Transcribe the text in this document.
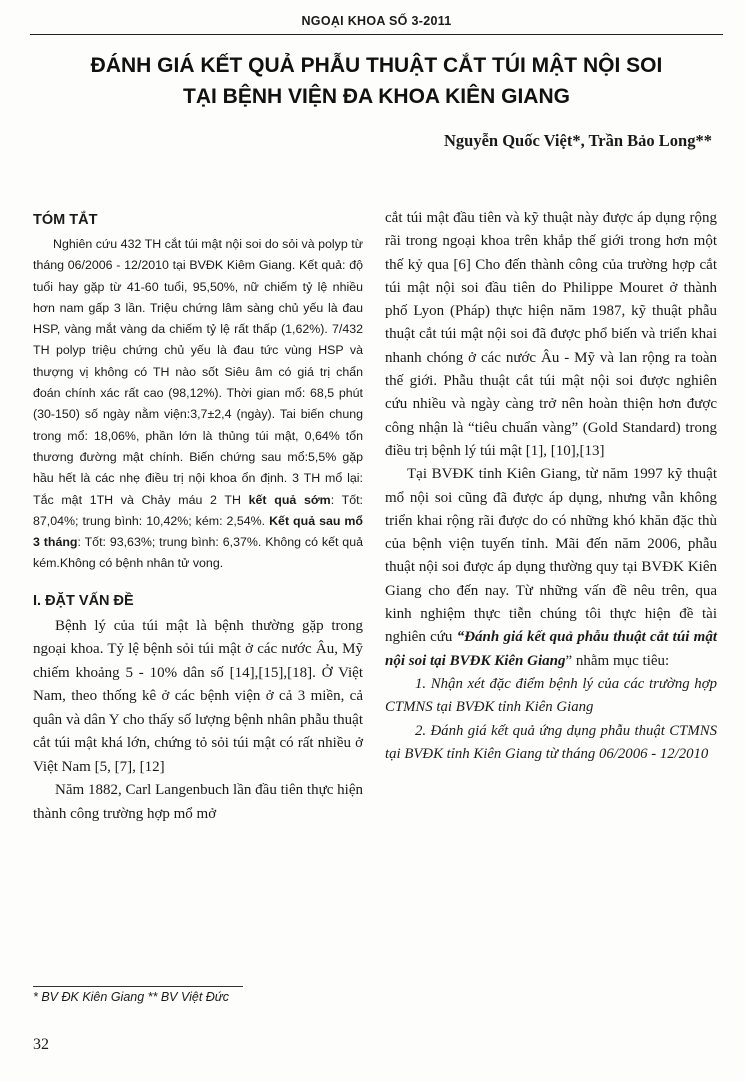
NGOẠI KHOA SỐ 3-2011
ĐÁNH GIÁ KẾT QUẢ PHẪU THUẬT CẮT TÚI MẬT NỘI SOI
TẠI BỆNH VIỆN ĐA KHOA KIÊN GIANG
Nguyễn Quốc Việt*, Trần Bảo Long**
TÓM TẮT

Nghiên cứu 432 TH cắt túi mật nội soi do sỏi và polyp từ tháng 06/2006 - 12/2010 tại BVĐK Kiêm Giang. Kết quả: độ tuổi hay gặp từ 41-60 tuổi, 95,50%, nữ chiếm tỷ lệ nhiều hơn nam gấp 3 lần. Triệu chứng lâm sàng chủ yếu là đau HSP, vàng mắt vàng da chiếm tỷ lệ rất thấp (1,62%). 7/432 TH polyp triệu chứng chủ yếu là đau tức vùng HSP và thượng vị không có TH nào sốt Siêu âm có giá trị chẩn đoán chính xác rất cao (98,12%). Thời gian mổ: 68,5 phút (30-150) số ngày nằm viện:3,7±2,4 (ngày). Tai biến chung trong mổ: 18,06%, phần lớn là thủng túi mật, 0,64% tổn thương đường mật chính. Biến chứng sau mổ:5,5% gặp hầu hết là các nhẹ điều trị nội khoa ổn định. 3 TH mổ lại: Tắc mật 1TH và Chảy máu 2 TH kết quả sớm: Tốt: 87,04%; trung bình: 10,42%; kém: 2,54%. Kết quả sau mổ 3 tháng: Tốt: 93,63%; trung bình: 6,37%. Không có kết quả kém.Không có bệnh nhân tử vong.

I. ĐẶT VẤN ĐỀ

Bệnh lý của túi mật là bệnh thường gặp trong ngoại khoa. Tỷ lệ bệnh sỏi túi mật ở các nước Âu, Mỹ chiếm khoảng 5 - 10% dân số [14],[15],[18]. Ở Việt Nam, theo thống kê ở các bệnh viện ở cả 3 miền, cả quân và dân Y cho thấy số lượng bệnh nhân phẫu thuật cắt túi mật khá lớn, chứng tỏ sỏi túi mật có rất nhiều ở Việt Nam [5, [7], [12]

Năm 1882, Carl Langenbuch lần đầu tiên thực hiện thành công trường hợp mổ mở

cắt túi mật đầu tiên và kỹ thuật này được áp dụng rộng rãi trong ngoại khoa trên khắp thế giới trong hơn một thế kỷ qua [6] Cho đến thành công của trường hợp cắt túi mật nội soi đầu tiên do Philippe Mouret ở thành phố Lyon (Pháp) thực hiện năm 1987, kỹ thuật phẫu thuật cắt túi mật nội soi đã được phổ biến và triển khai nhanh chóng ở các nước Âu - Mỹ và lan rộng ra toàn thế giới. Phẫu thuật cắt túi mật nội soi được nghiên cứu nhiều và ngày càng trở nên hoàn thiện hơn được công nhận là “tiêu chuẩn vàng” (Gold Standard) trong điều trị bệnh lý túi mật [1], [10],[13]

Tại BVĐK tỉnh Kiên Giang, từ năm 1997 kỹ thuật mổ nội soi cũng đã được áp dụng, nhưng vẫn không triển khai rộng rãi được do có những khó khăn đặc thù của bệnh viện tuyến tỉnh. Mãi đến năm 2006, phẫu thuật nội soi được áp dụng thường quy tại BVĐK Kiên Giang cho đến nay. Từ những vấn đề nêu trên, qua kinh nghiệm thực tiễn chúng tôi thực hiện đề tài nghiên cứu “Đánh giá kết quả phẫu thuật cắt túi mật nội soi tại BVĐK Kiên Giang” nhằm mục tiêu:

1. Nhận xét đặc điểm bệnh lý của các trường hợp CTMNS tại BVĐK tỉnh Kiên Giang

2. Đánh giá kết quả ứng dụng phẫu thuật CTMNS tại BVĐK tỉnh Kiên Giang từ tháng 06/2006 - 12/2010

* BV ĐK Kiên Giang ** BV Việt Đức
32
